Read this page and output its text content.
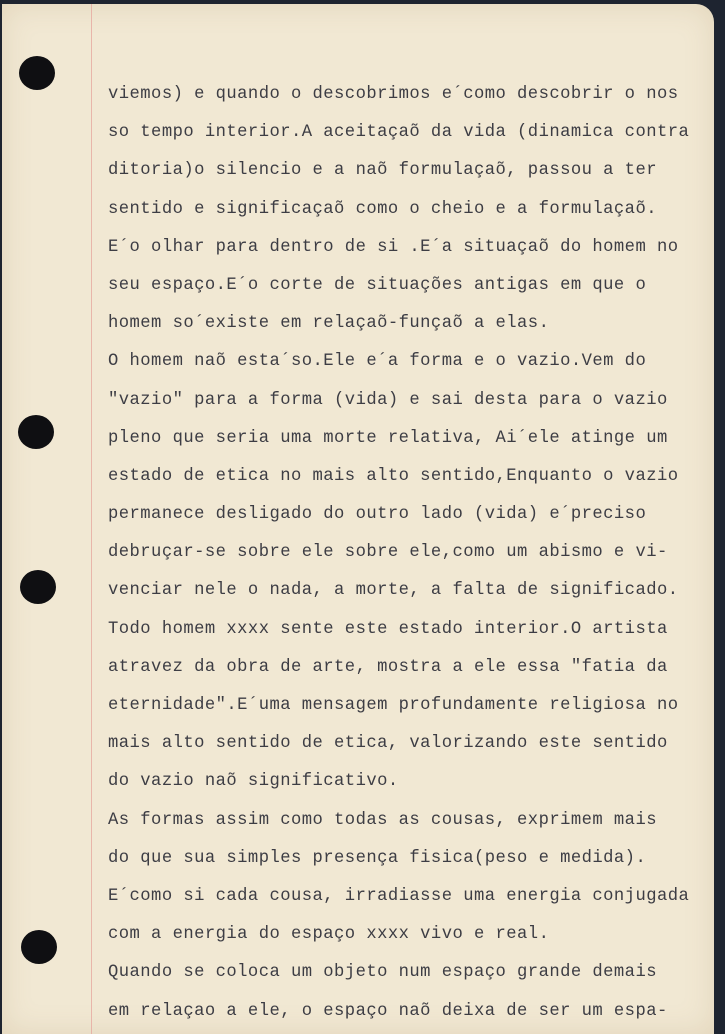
viemos) e quando o descobrimos e´como descobrir o nos
so tempo interior.A aceitaçaõ da vida (dinamica contra
ditoria)o silencio e a naõ formulaçaõ, passou a ter
sentido e significaçaõ como o cheio e a formulaçaõ.
E´o olhar para dentro de si .E´a situaçaõ do homem no
seu espaço.E´o corte de situações antigas em que o
homem so´existe em relaçaõ-funçaõ a elas.
O homem naõ esta´so.Ele e´a forma e o vazio.Vem do
"vazio" para a forma (vida) e sai desta para o vazio
pleno que seria uma morte relativa, Ai´ele atinge um
estado de etica no mais alto sentido,Enquanto o vazio
permanece desligado do outro lado (vida) e´preciso
debruçar-se sobre ele sobre ele,como um abismo e vi-
venciar nele o nada, a morte, a falta de significado.
Todo homem xxxx sente este estado interior.O artista
atravez da obra de arte, mostra a ele essa "fatia da
eternidade".E´uma mensagem profundamente religiosa no
mais alto sentido de etica, valorizando este sentido
do vazio naõ significativo.
As formas assim como todas as cousas, exprimem mais
do que sua simples presença fisica(peso e medida).
E´como si cada cousa, irradiasse uma energia conjugada
com a energia do espaço xxxx vivo e real.
Quando se coloca um objeto num espaço grande demais
em relaçao a ele, o espaço naõ deixa de ser um espa-
